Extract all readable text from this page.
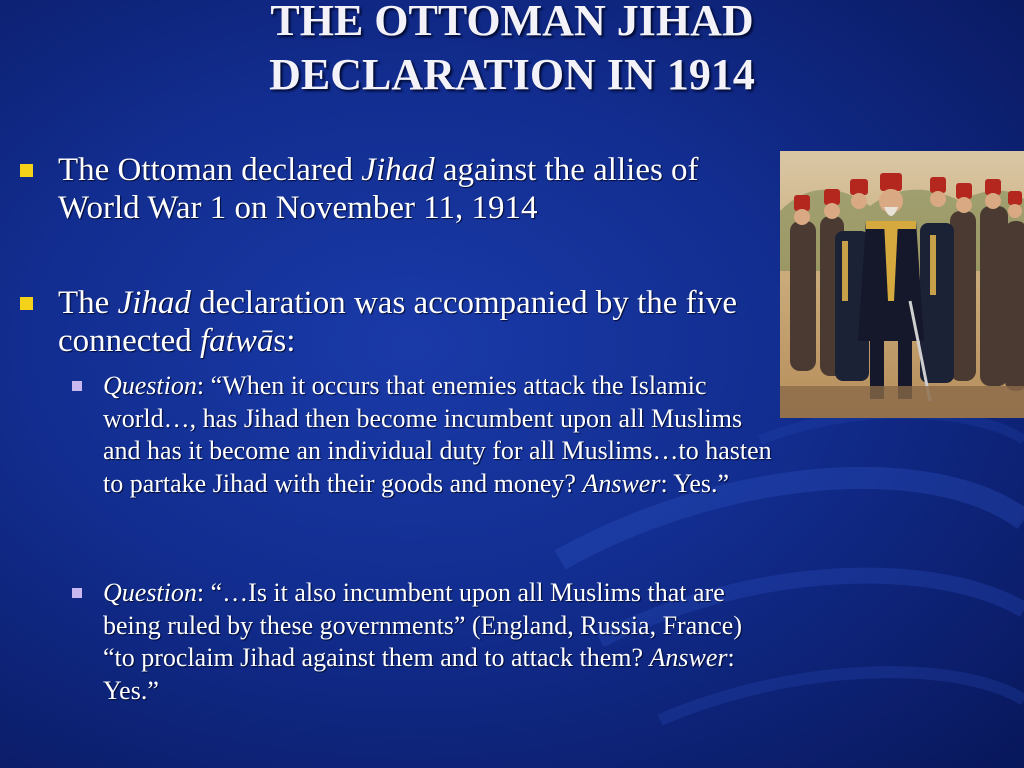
THE OTTOMAN JIHAD
DECLARATION IN 1914
The Ottoman declared Jihad against the allies of World War 1 on November 11, 1914
The Jihad declaration was accompanied by the five connected fatwās:
Question: “When it occurs that enemies attack the Islamic world…, has Jihad then become incumbent upon all Muslims and has it become an individual duty for all Muslims…to hasten to partake Jihad with their goods and money? Answer: Yes.”
Question: “…Is it also incumbent upon all Muslims that are being ruled by these governments” (England, Russia, France) “to proclaim Jihad against them and to attack them? Answer: Yes.”
